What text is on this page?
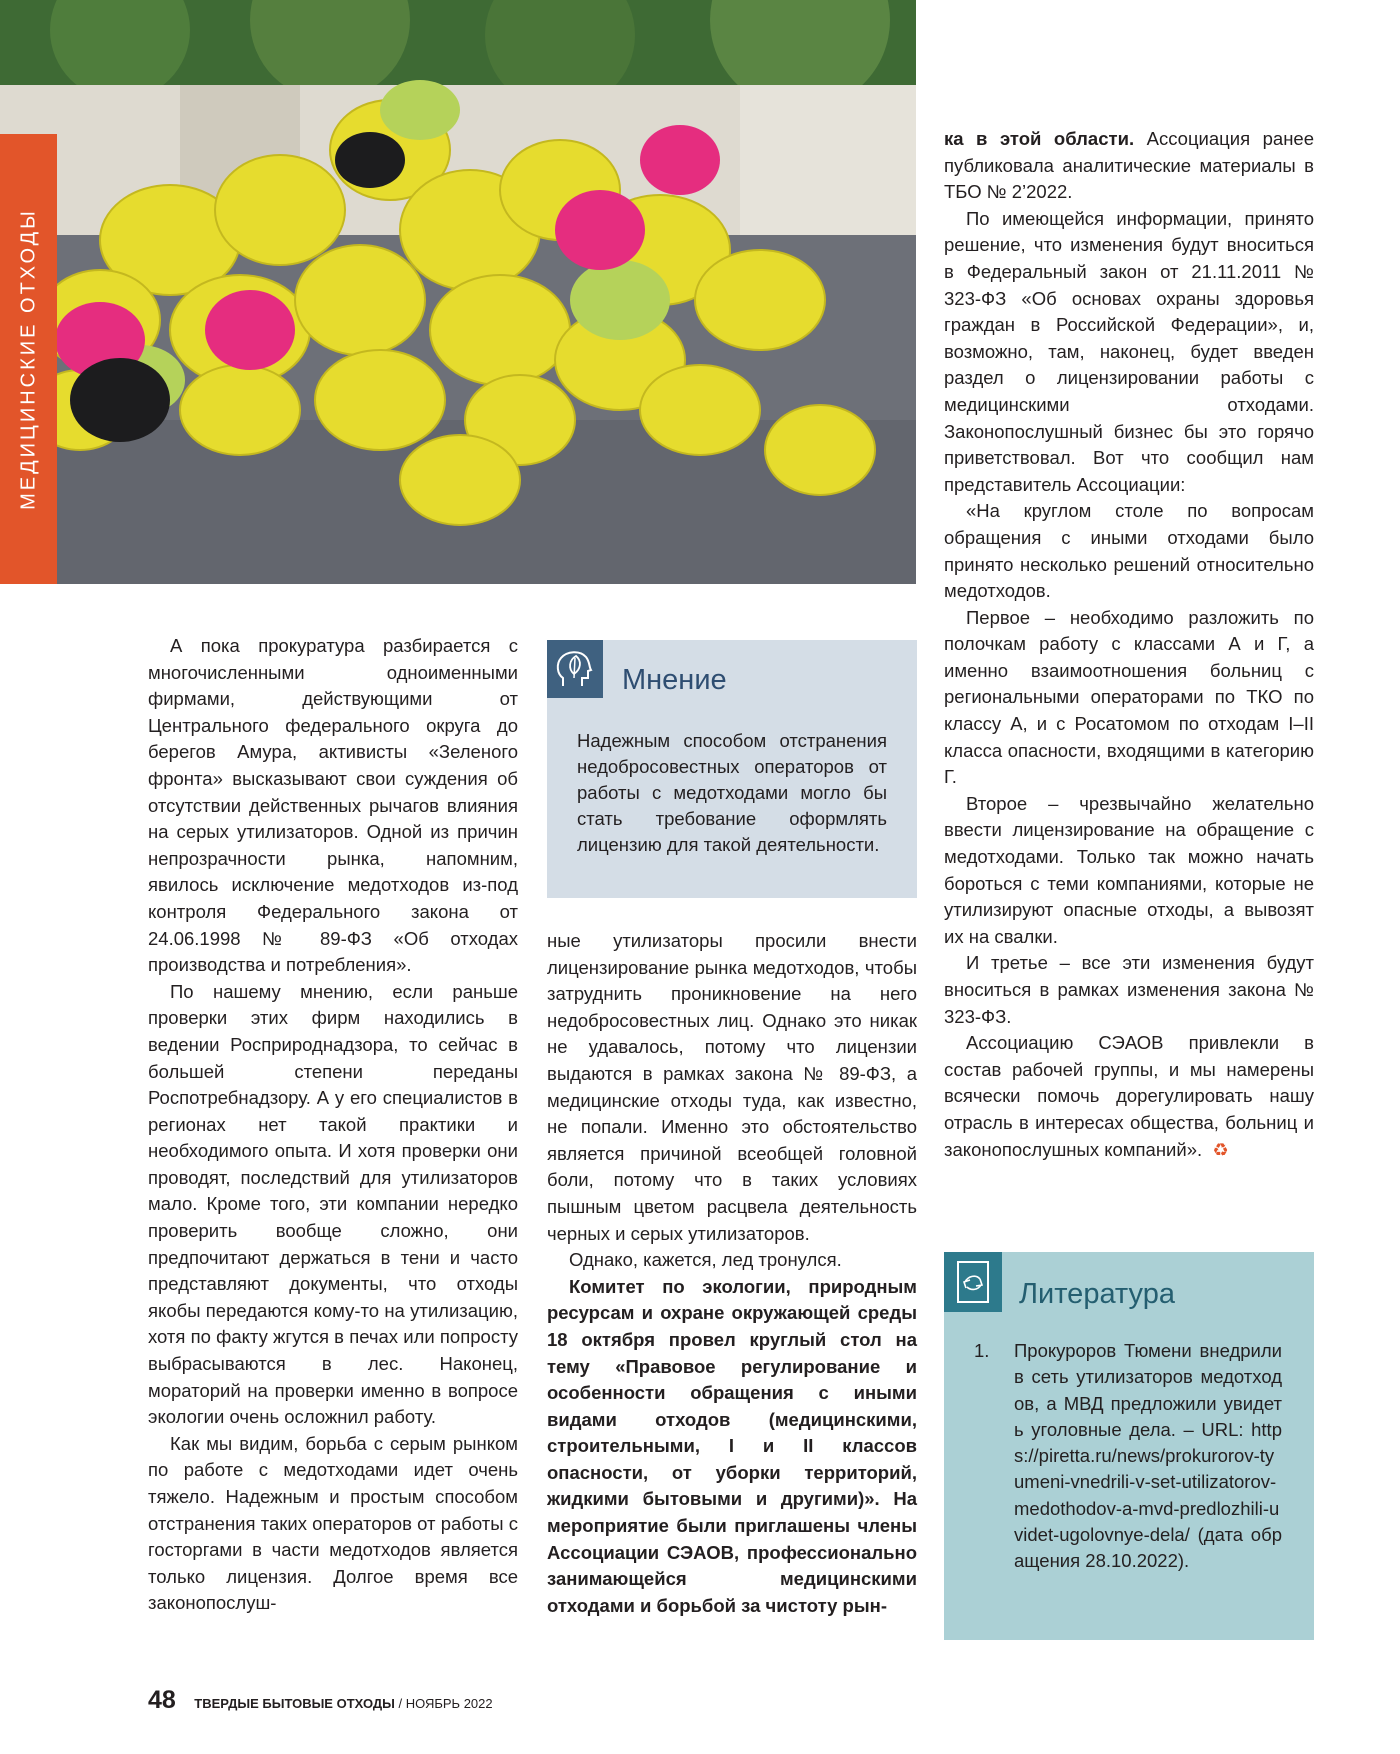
МЕДИЦИНСКИЕ ОТХОДЫ

А пока прокуратура разбирается с многочисленными одноименными фирмами, действующими от Центрального федерального округа до берегов Амура, активисты «Зеленого фронта» высказывают свои суждения об отсутствии действенных рычагов влияния на серых утилизаторов. Одной из причин непрозрачности рынка, напомним, явилось исключение медотходов из-под контроля Федерального закона от 24.06.1998 № 89-ФЗ «Об отходах производства и потребления».

По нашему мнению, если раньше проверки этих фирм находились в ведении Росприроднадзора, то сейчас в большей степени переданы Роспотребнадзору. А у его специалистов в регионах нет такой практики и необходимого опыта. И хотя проверки они проводят, последствий для утилизаторов мало. Кроме того, эти компании нередко проверить вообще сложно, они предпочитают держаться в тени и часто представляют документы, что отходы якобы передаются кому-то на утилизацию, хотя по факту жгутся в печах или попросту выбрасываются в лес. Наконец, мораторий на проверки именно в вопросе экологии очень осложнил работу.

Как мы видим, борьба с серым рынком по работе с медотходами идет очень тяжело. Надежным и простым способом отстранения таких операторов от работы с госторгами в части медотходов является только лицензия. Долгое время все законопослуш-

Мнение
Надежным способом отстранения недобросовестных операторов от работы с медотходами могло бы стать требование оформлять лицензию для такой деятельности.

ные утилизаторы просили внести лицензирование рынка медотходов, чтобы затруднить проникновение на него недобросовестных лиц. Однако это никак не удавалось, потому что лицензии выдаются в рамках закона № 89-ФЗ, а медицинские отходы туда, как известно, не попали. Именно это обстоятельство является причиной всеобщей головной боли, потому что в таких условиях пышным цветом расцвела деятельность черных и серых утилизаторов.

Однако, кажется, лед тронулся.

Комитет по экологии, природным ресурсам и охране окружающей среды 18 октября провел круглый стол на тему «Правовое регулирование и особенности обращения с иными видами отходов (медицинскими, строительными, I и II классов опасности, от уборки территорий, жидкими бытовыми и другими)». На мероприятие были приглашены члены Ассоциации СЭАОВ, профессионально занимающейся медицинскими отходами и борьбой за чистоту рын-

ка в этой области. Ассоциация ранее публиковала аналитические материалы в ТБО № 2’2022.

По имеющейся информации, принято решение, что изменения будут вноситься в Федеральный закон от 21.11.2011 № 323-ФЗ «Об основах охраны здоровья граждан в Российской Федерации», и, возможно, там, наконец, будет введен раздел о лицензировании работы с медицинскими отходами. Законопослушный бизнес бы это горячо приветствовал. Вот что сообщил нам представитель Ассоциации:

«На круглом столе по вопросам обращения с иными отходами было принято несколько решений относительно медотходов.

Первое – необходимо разложить по полочкам работу с классами А и Г, а именно взаимоотношения больниц с региональными операторами по ТКО по классу А, и с Росатомом по отходам I–II класса опасности, входящими в категорию Г.

Второе – чрезвычайно желательно ввести лицензирование на обращение с медотходами. Только так можно начать бороться с теми компаниями, которые не утилизируют опасные отходы, а вывозят их на свалки.

И третье – все эти изменения будут вноситься в рамках изменения закона № 323-ФЗ.

Ассоциацию СЭАОВ привлекли в состав рабочей группы, и мы намерены всячески помочь дорегулировать нашу отрасль в интересах общества, больниц и законопослушных компаний». ♻

Литература
1. Прокуроров Тюмени внедрили в сеть утилизаторов медотходов, а МВД предложили увидеть уголовные дела. – URL: https://piretta.ru/news/prokurorov-tyumeni-vnedrili-v-set-utilizatorov-medothodov-a-mvd-predlozhili-uvidet-ugolovnye-dela/ (дата обращения 28.10.2022).
48 ТВЕРДЫЕ БЫТОВЫЕ ОТХОДЫ / НОЯБРЬ 2022
